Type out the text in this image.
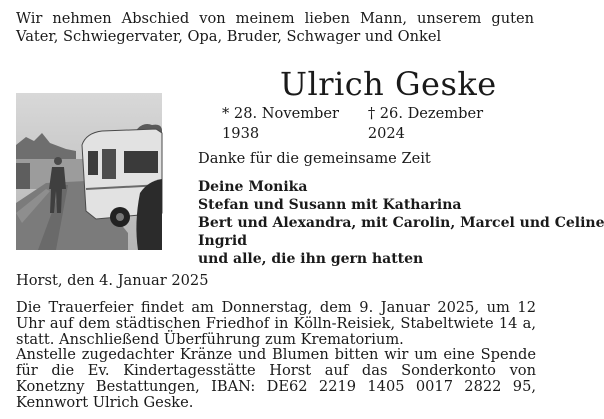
Wir nehmen Abschied von meinem lieben Mann, unserem guten Vater, Schwiegervater, Opa, Bruder, Schwager und Onkel
Ulrich Geske
* 28. November 1938
† 26. Dezember 2024
Danke für die gemeinsame Zeit
Deine Monika
Stefan und Susann mit Katharina
Bert und Alexandra, mit Carolin, Marcel und Celine
Ingrid
und alle, die ihn gern hatten
Horst, den 4. Januar 2025

Die Trauerfeier findet am Donnerstag, dem 9. Januar 2025, um 12 Uhr auf dem städtischen Friedhof in Kölln-Reisiek, Stabeltwiete 14 a, statt. Anschließend Überführung zum Krematorium.

Anstelle zugedachter Kränze und Blumen bitten wir um eine Spende für die Ev. Kindertagesstätte Horst auf das Sonderkonto von Konetzny Bestattungen, IBAN: DE62 2219 1405 0017 2822 95, Kennwort Ulrich Geske.
